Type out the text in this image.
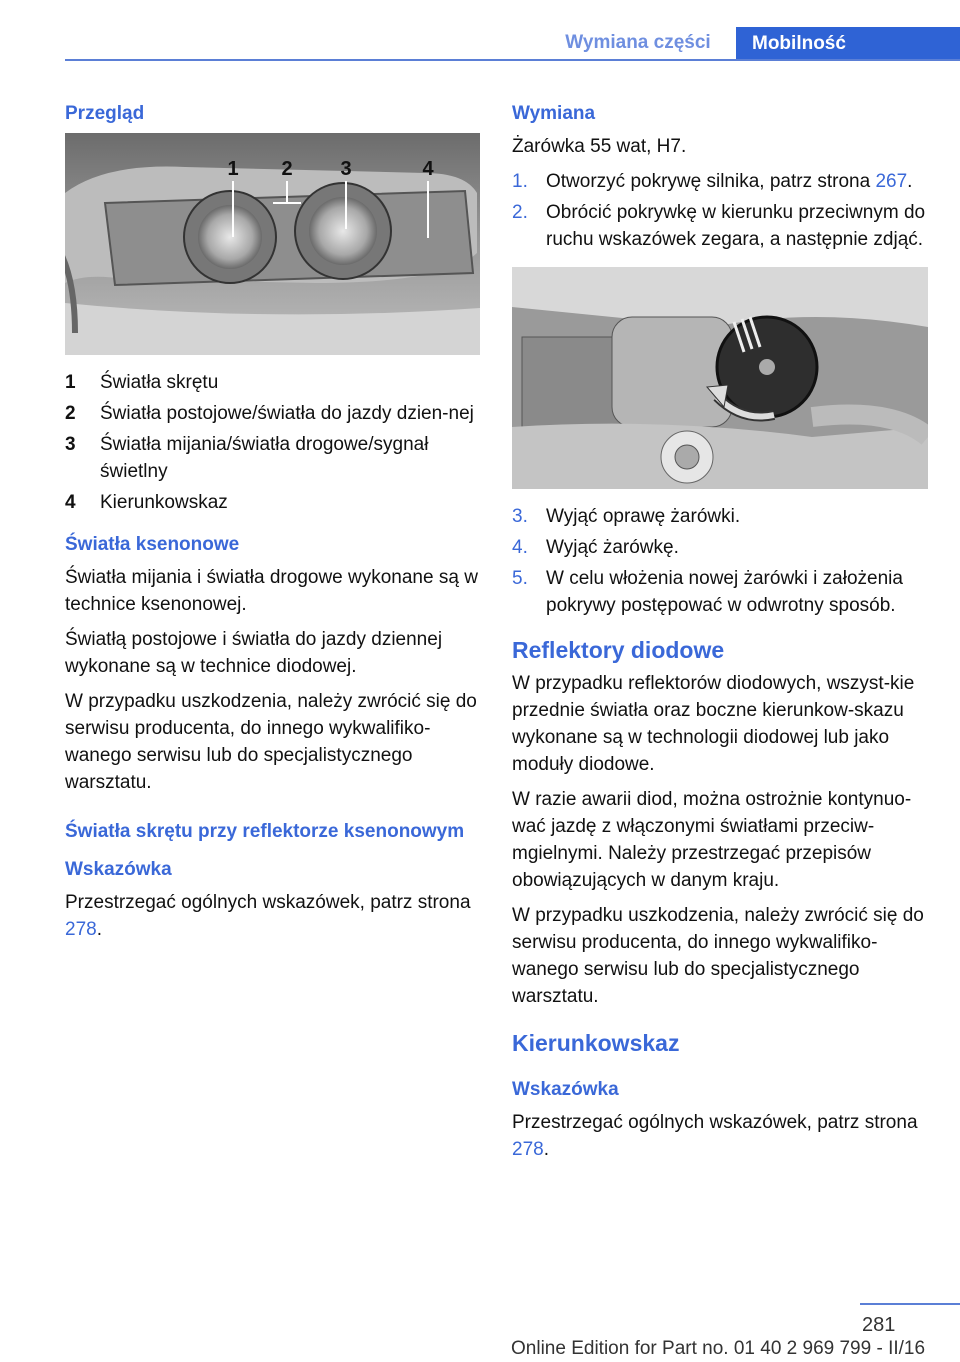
Wymiana części	Mobilność
Przegląd
1 2 3	4
1	Światła skrętu
2	Światła postojowe/światła do jazdy dzien‐nej
3	Światła mijania/światła drogowe/sygnał świetlny
4	Kierunkowskaz
Światła ksenonowe

Światła mijania i światła drogowe wykonane są w technice ksenonowej.

Światłą postojowe i światła do jazdy dziennej wykonane są w technice diodowej.

W przypadku uszkodzenia, należy zwrócić się do serwisu producenta, do innego wykwalifiko‐wanego serwisu lub do specjalistycznego warsztatu.

Światła skrętu przy reflektorze ksenonowym
Wskazówka

Przestrzegać ogólnych wskazówek, patrz strona 278.

Wymiana

Żarówka 55 wat, H7.

1. Otworzyć pokrywę silnika, patrz strona 267.
2. Obrócić pokrywkę w kierunku przeciwnym do ruchu wskazówek zegara, a następnie zdjąć.
3. Wyjąć oprawę żarówki.
4. Wyjąć żarówkę.
5. W celu włożenia nowej żarówki i założenia pokrywy postępować w odwrotny sposób.
Reflektory diodowe

W przypadku reflektorów diodowych, wszyst‐kie przednie światła oraz boczne kierunkow‐skazu wykonane są w technologii diodowej lub jako moduły diodowe.

W razie awarii diod, można ostrożnie kontynuo‐wać jazdę z włączonymi światłami przeciw‐mgielnymi. Należy przestrzegać przepisów obowiązujących w danym kraju.

W przypadku uszkodzenia, należy zwrócić się do serwisu producenta, do innego wykwalifiko‐wanego serwisu lub do specjalistycznego warsztatu.

Kierunkowskaz
Wskazówka

Przestrzegać ogólnych wskazówek, patrz strona 278.

281
Online Edition for Part no. 01 40 2 969 799 - II/16
